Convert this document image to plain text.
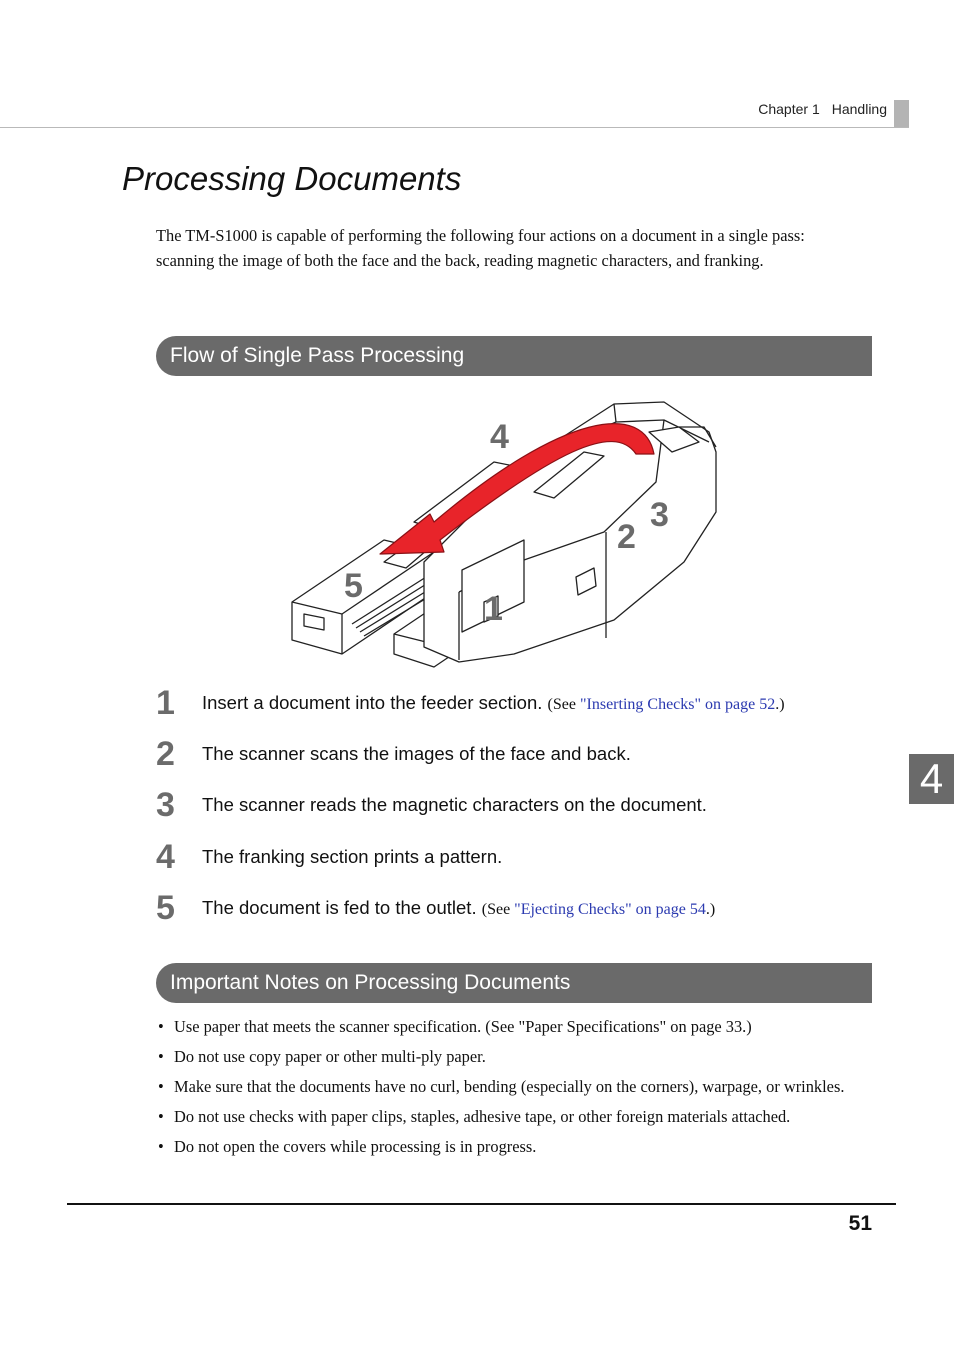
Chapter 1 Handling
Processing Documents

The TM-S1000 is capable of performing the following four actions on a document in a single pass: scanning the image of both the face and the back, reading magnetic characters, and franking.

Flow of Single Pass Processing
1
2
3
4
5
1	Insert a document into the feeder section. (See "Inserting Checks" on page 52.)
2	The scanner scans the images of the face and back.
3	The scanner reads the magnetic characters on the document.
4	The franking section prints a pattern.
5	The document is fed to the outlet. (See "Ejecting Checks" on page 54.)
4
Important Notes on Processing Documents
• Use paper that meets the scanner specification. (See "Paper Specifications" on page 33.)
• Do not use copy paper or other multi-ply paper.
• Make sure that the documents have no curl, bending (especially on the corners), warpage, or wrinkles.
• Do not use checks with paper clips, staples, adhesive tape, or other foreign materials attached.
• Do not open the covers while processing is in progress.
51
